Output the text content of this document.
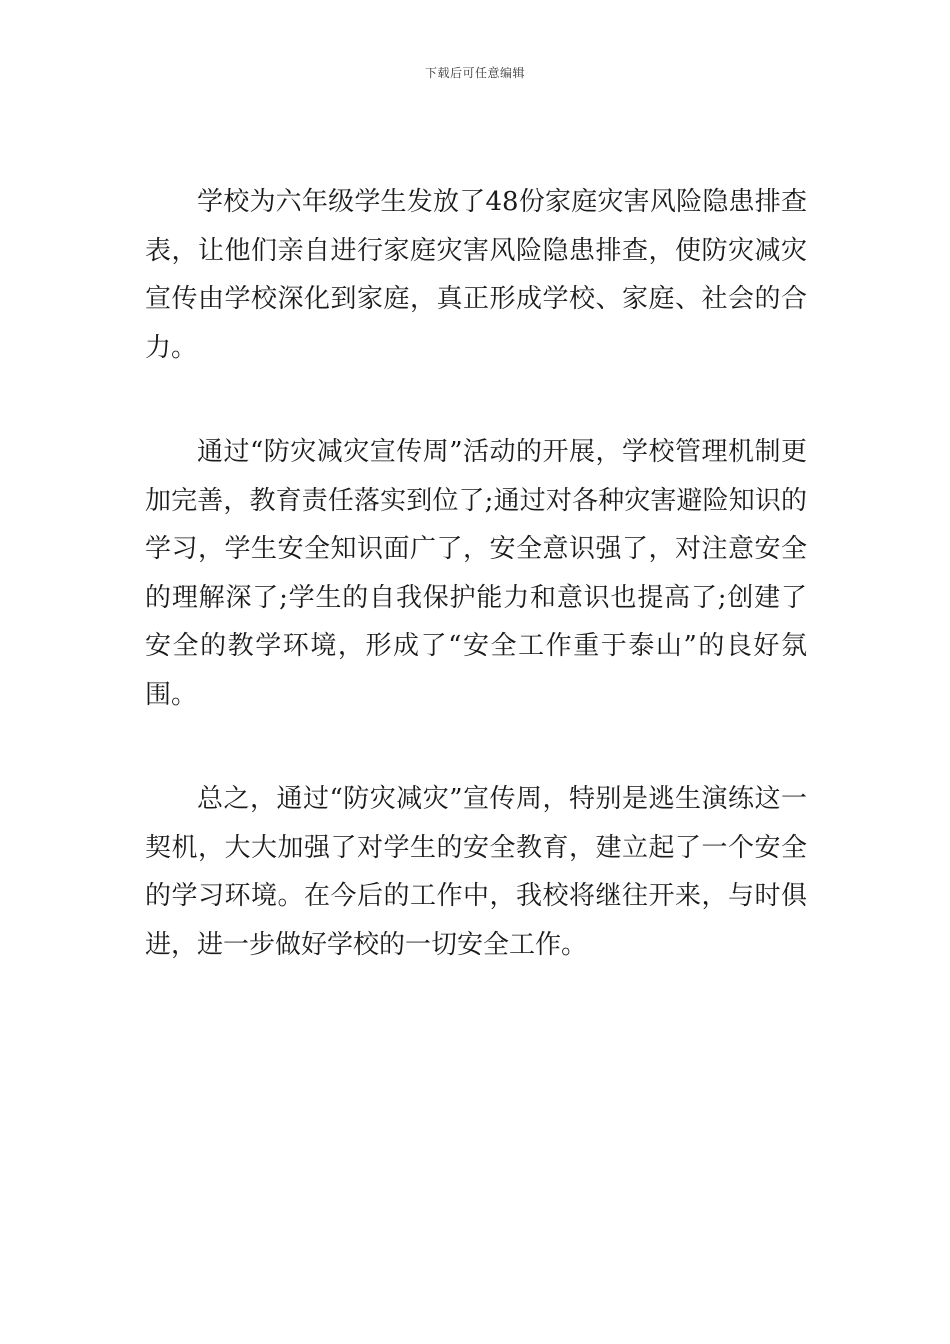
下载后可任意编辑

学校为六年级学生发放了48份家庭灾害风险隐患排查表，让他们亲自进行家庭灾害风险隐患排查，使防灾减灾宣传由学校深化到家庭，真正形成学校、家庭、社会的合力。

通过“防灾减灾宣传周”活动的开展，学校管理机制更加完善，教育责任落实到位了;通过对各种灾害避险知识的学习，学生安全知识面广了，安全意识强了，对注意安全的理解深了;学生的自我保护能力和意识也提高了;创建了安全的教学环境，形成了“安全工作重于泰山”的良好氛围。

总之，通过“防灾减灾”宣传周，特别是逃生演练这一契机，大大加强了对学生的安全教育，建立起了一个安全的学习环境。在今后的工作中，我校将继往开来，与时俱进，进一步做好学校的一切安全工作。
